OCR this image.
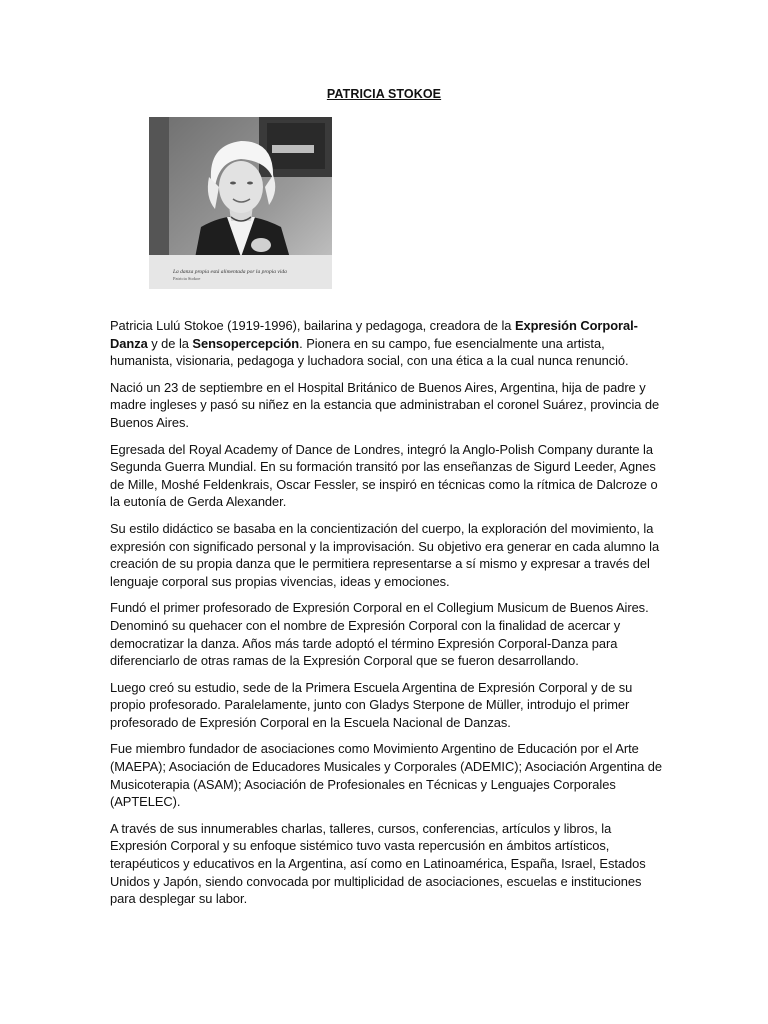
PATRICIA STOKOE
La danza propia está alimentada por la propia vida
Patricia Stokoe

Patricia Lulú Stokoe (1919-1996), bailarina y pedagoga, creadora de la Expresión Corporal-Danza y de la Sensopercepción. Pionera en su campo, fue esencialmente una artista, humanista, visionaria, pedagoga y luchadora social, con una ética a la cual nunca renunció.

Nació un 23 de septiembre en el Hospital Británico de Buenos Aires, Argentina, hija de padre y madre ingleses y pasó su niñez en la estancia que administraban el coronel Suárez, provincia de Buenos Aires.

Egresada del Royal Academy of Dance de Londres, integró la Anglo-Polish Company durante la Segunda Guerra Mundial. En su formación transitó por las enseñanzas de Sigurd Leeder, Agnes de Mille, Moshé Feldenkrais, Oscar Fessler, se inspiró en técnicas como la rítmica de Dalcroze o la eutonía de Gerda Alexander.

Su estilo didáctico se basaba en la concientización del cuerpo, la exploración del movimiento, la expresión con significado personal y la improvisación. Su objetivo era generar en cada alumno la creación de su propia danza que le permitiera representarse a sí mismo y expresar a través del lenguaje corporal sus propias vivencias, ideas y emociones.

Fundó el primer profesorado de Expresión Corporal en el Collegium Musicum de Buenos Aires. Denominó su quehacer con el nombre de Expresión Corporal con la finalidad de acercar y democratizar la danza. Años más tarde adoptó el término Expresión Corporal-Danza para diferenciarlo de otras ramas de la Expresión Corporal que se fueron desarrollando.

Luego creó su estudio, sede de la Primera Escuela Argentina de Expresión Corporal y de su propio profesorado. Paralelamente, junto con Gladys Sterpone de Müller, introdujo el primer profesorado de Expresión Corporal en la Escuela Nacional de Danzas.

Fue miembro fundador de asociaciones como Movimiento Argentino de Educación por el Arte (MAEPA); Asociación de Educadores Musicales y Corporales (ADEMIC); Asociación Argentina de Musicoterapia (ASAM); Asociación de Profesionales en Técnicas y Lenguajes Corporales (APTELEC).

A través de sus innumerables charlas, talleres, cursos, conferencias, artículos y libros, la Expresión Corporal y su enfoque sistémico tuvo vasta repercusión en ámbitos artísticos, terapéuticos y educativos en la Argentina, así como en Latinoamérica, España, Israel, Estados Unidos y Japón, siendo convocada por multiplicidad de asociaciones, escuelas e instituciones para desplegar su labor.
